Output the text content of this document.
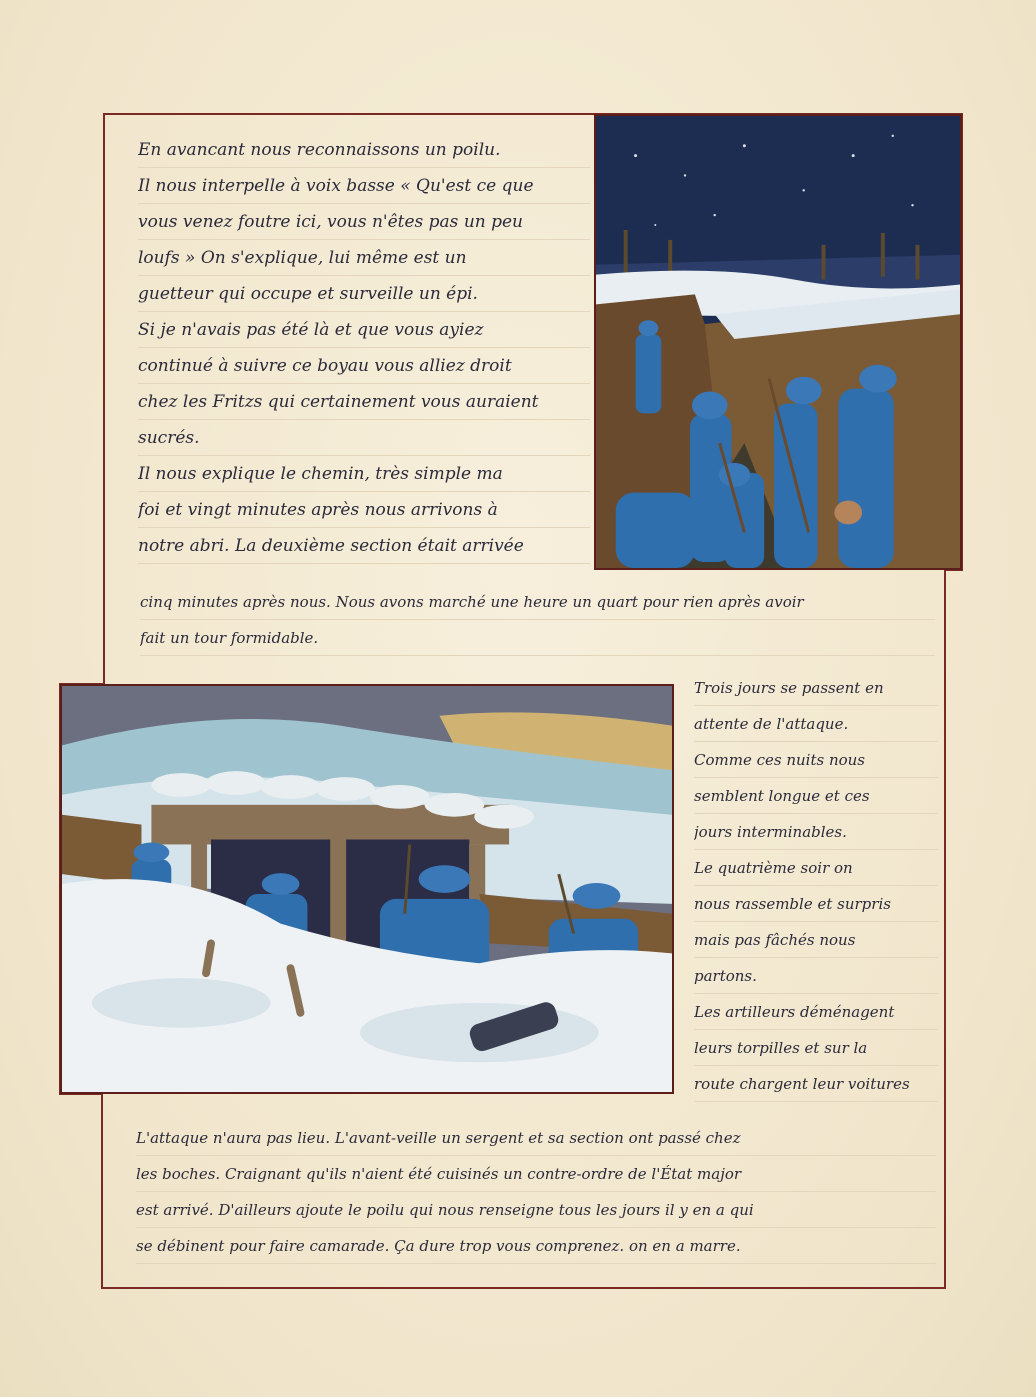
En avancant nous reconnaissons un poilu.
Il nous interpelle à voix basse « Qu'est ce que
vous venez foutre ici, vous n'êtes pas un peu
loufs » On s'explique, lui même est un
guetteur qui occupe et surveille un épi.
Si je n'avais pas été là et que vous ayiez
continué à suivre ce boyau vous alliez droit
chez les Fritzs qui certainement vous auraient
sucrés.
Il nous explique le chemin, très simple ma
foi et vingt minutes après nous arrivons à
notre abri. La deuxième section était arrivée
cinq minutes après nous. Nous avons marché une heure un quart pour rien après avoir
fait un tour formidable.
Trois jours se passent en
attente de l'attaque.
Comme ces nuits nous
semblent longue et ces
jours interminables.
Le quatrième soir on
nous rassemble et surpris
mais pas fâchés nous
partons.
Les artilleurs déménagent
leurs torpilles et sur la
route chargent leur voitures
L'attaque n'aura pas lieu. L'avant-veille un sergent et sa section ont passé chez
les boches. Craignant qu'ils n'aient été cuisinés un contre-ordre de l'État major
est arrivé. D'ailleurs ajoute le poilu qui nous renseigne tous les jours il y en a qui
se débinent pour faire camarade. Ça dure trop vous comprenez. on en a marre.
